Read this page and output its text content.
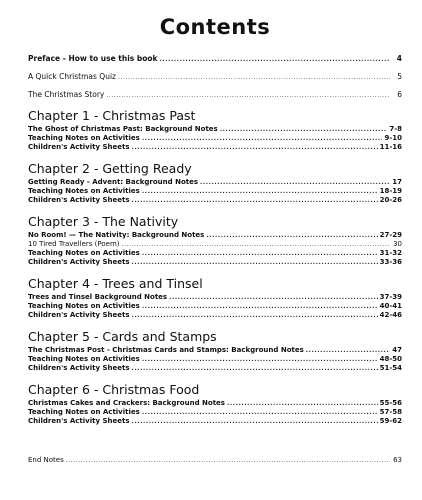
Contents
Preface - How to use this book .....	4
A Quick Christmas Quiz .....	5
The Christmas Story .....	6
Chapter 1 - Christmas Past
The Ghost of Christmas Past: Background Notes .....	7-8
Teaching Notes on Activities .....	9-10
Children's Activity Sheets .....	11-16
Chapter 2 - Getting Ready
Getting Ready - Advent: Background Notes .....	17
Teaching Notes on Activities .....	18-19
Children's Activity Sheets .....	20-26
Chapter 3 - The Nativity
No Room! — The Nativity: Background Notes .....	27-29
10 Tired Travellers (Poem) .....	30
Teaching Notes on Activities .....	31-32
Children's Activity Sheets .....	33-36
Chapter 4 - Trees and Tinsel
Trees and Tinsel Background Notes .....	37-39
Teaching Notes on Activities .....	40-41
Children's Activity Sheets .....	42-46
Chapter 5 - Cards and Stamps
The Christmas Post - Christmas Cards and Stamps: Background Notes .....	47
Teaching Notes on Activities .....	48-50
Children's Activity Sheets .....	51-54
Chapter 6 - Christmas Food
Christmas Cakes and Crackers: Background Notes .....	55-56
Teaching Notes on Activities .....	57-58
Children's Activity Sheets .....	59-62
End Notes .....	63
